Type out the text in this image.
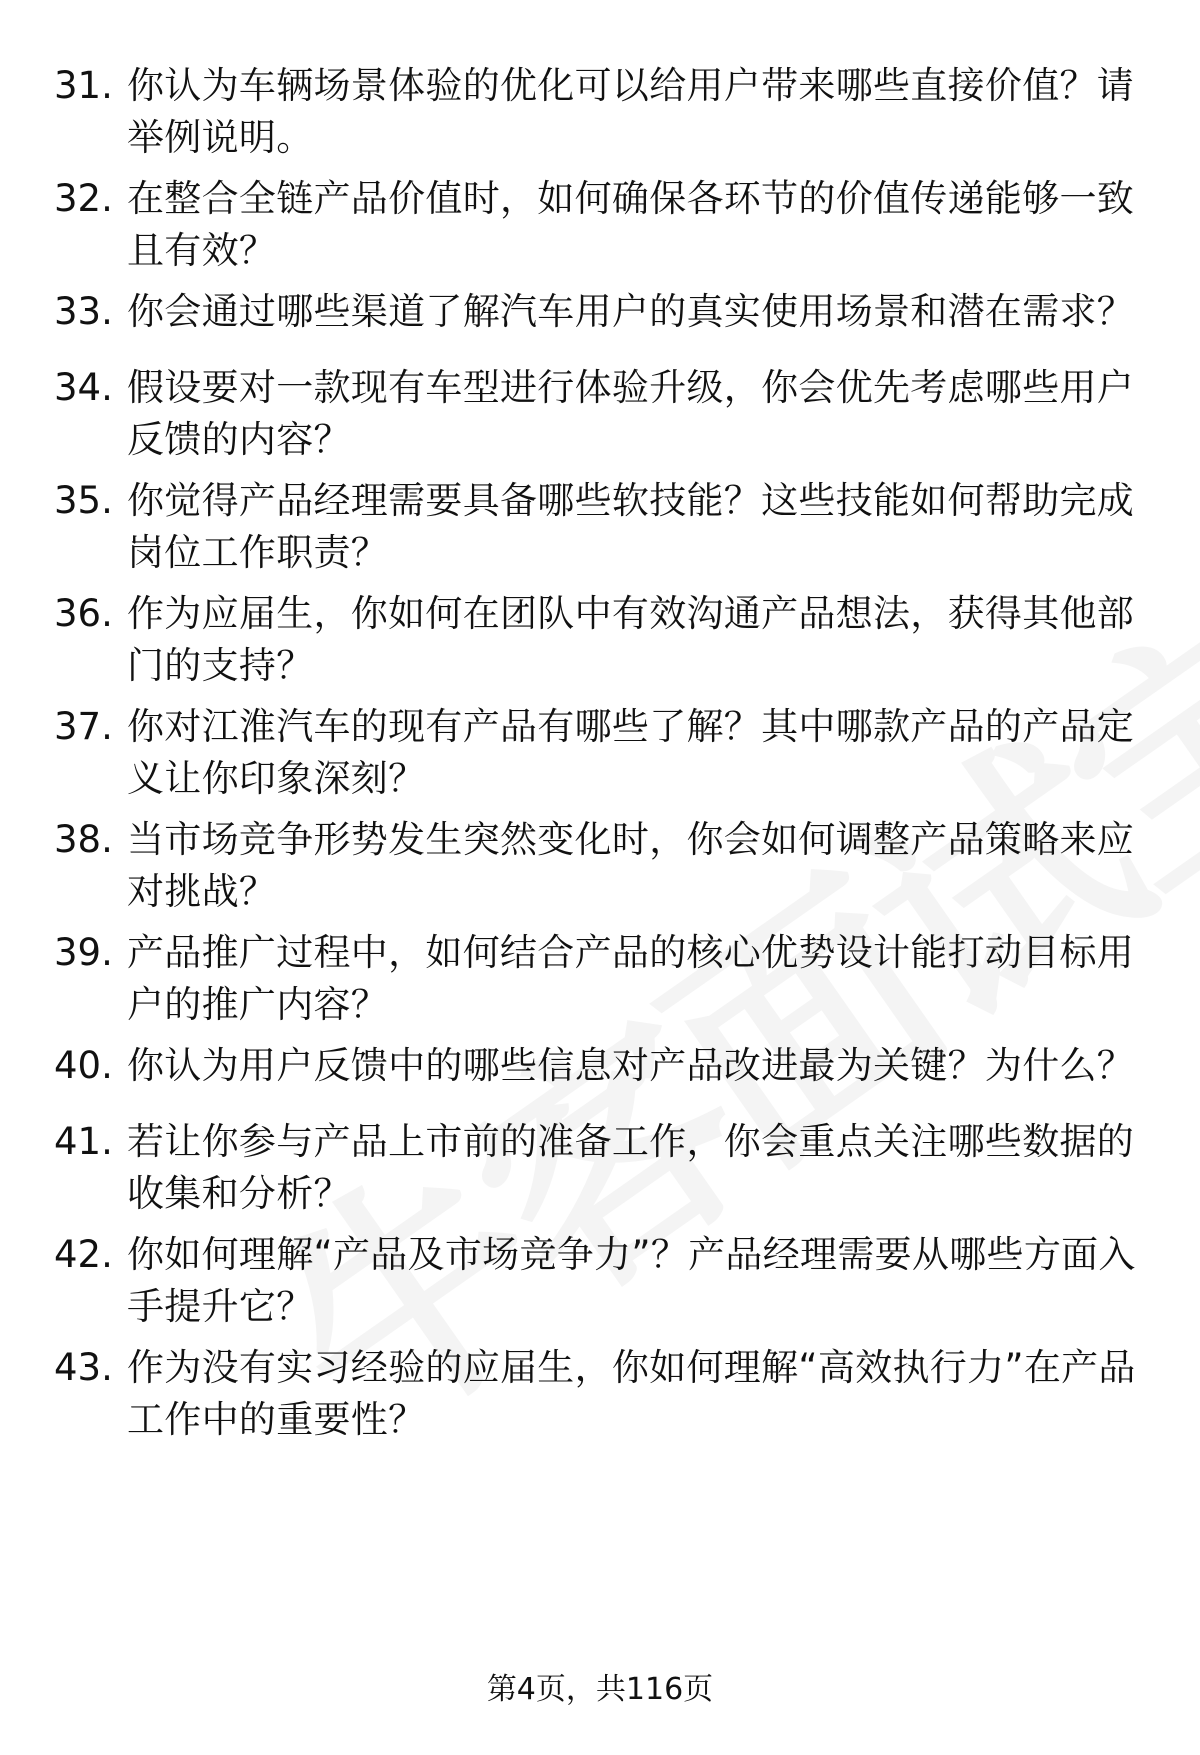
31. 你认为车辆场景体验的优化可以给用户带来哪些直接价值？请举例说明。
32. 在整合全链产品价值时，如何确保各环节的价值传递能够一致且有效？
33. 你会通过哪些渠道了解汽车用户的真实使用场景和潜在需求？
34. 假设要对一款现有车型进行体验升级，你会优先考虑哪些用户反馈的内容？
35. 你觉得产品经理需要具备哪些软技能？这些技能如何帮助完成岗位工作职责？
36. 作为应届生，你如何在团队中有效沟通产品想法，获得其他部门的支持？
37. 你对江淮汽车的现有产品有哪些了解？其中哪款产品的产品定义让你印象深刻？
38. 当市场竞争形势发生突然变化时，你会如何调整产品策略来应对挑战？
39. 产品推广过程中，如何结合产品的核心优势设计能打动目标用户的推广内容？
40. 你认为用户反馈中的哪些信息对产品改进最为关键？为什么？
41. 若让你参与产品上市前的准备工作，你会重点关注哪些数据的收集和分析？
42. 你如何理解“产品及市场竞争力”？产品经理需要从哪些方面入手提升它？
43. 作为没有实习经验的应届生，你如何理解“高效执行力”在产品工作中的重要性？
第4页，共116页
